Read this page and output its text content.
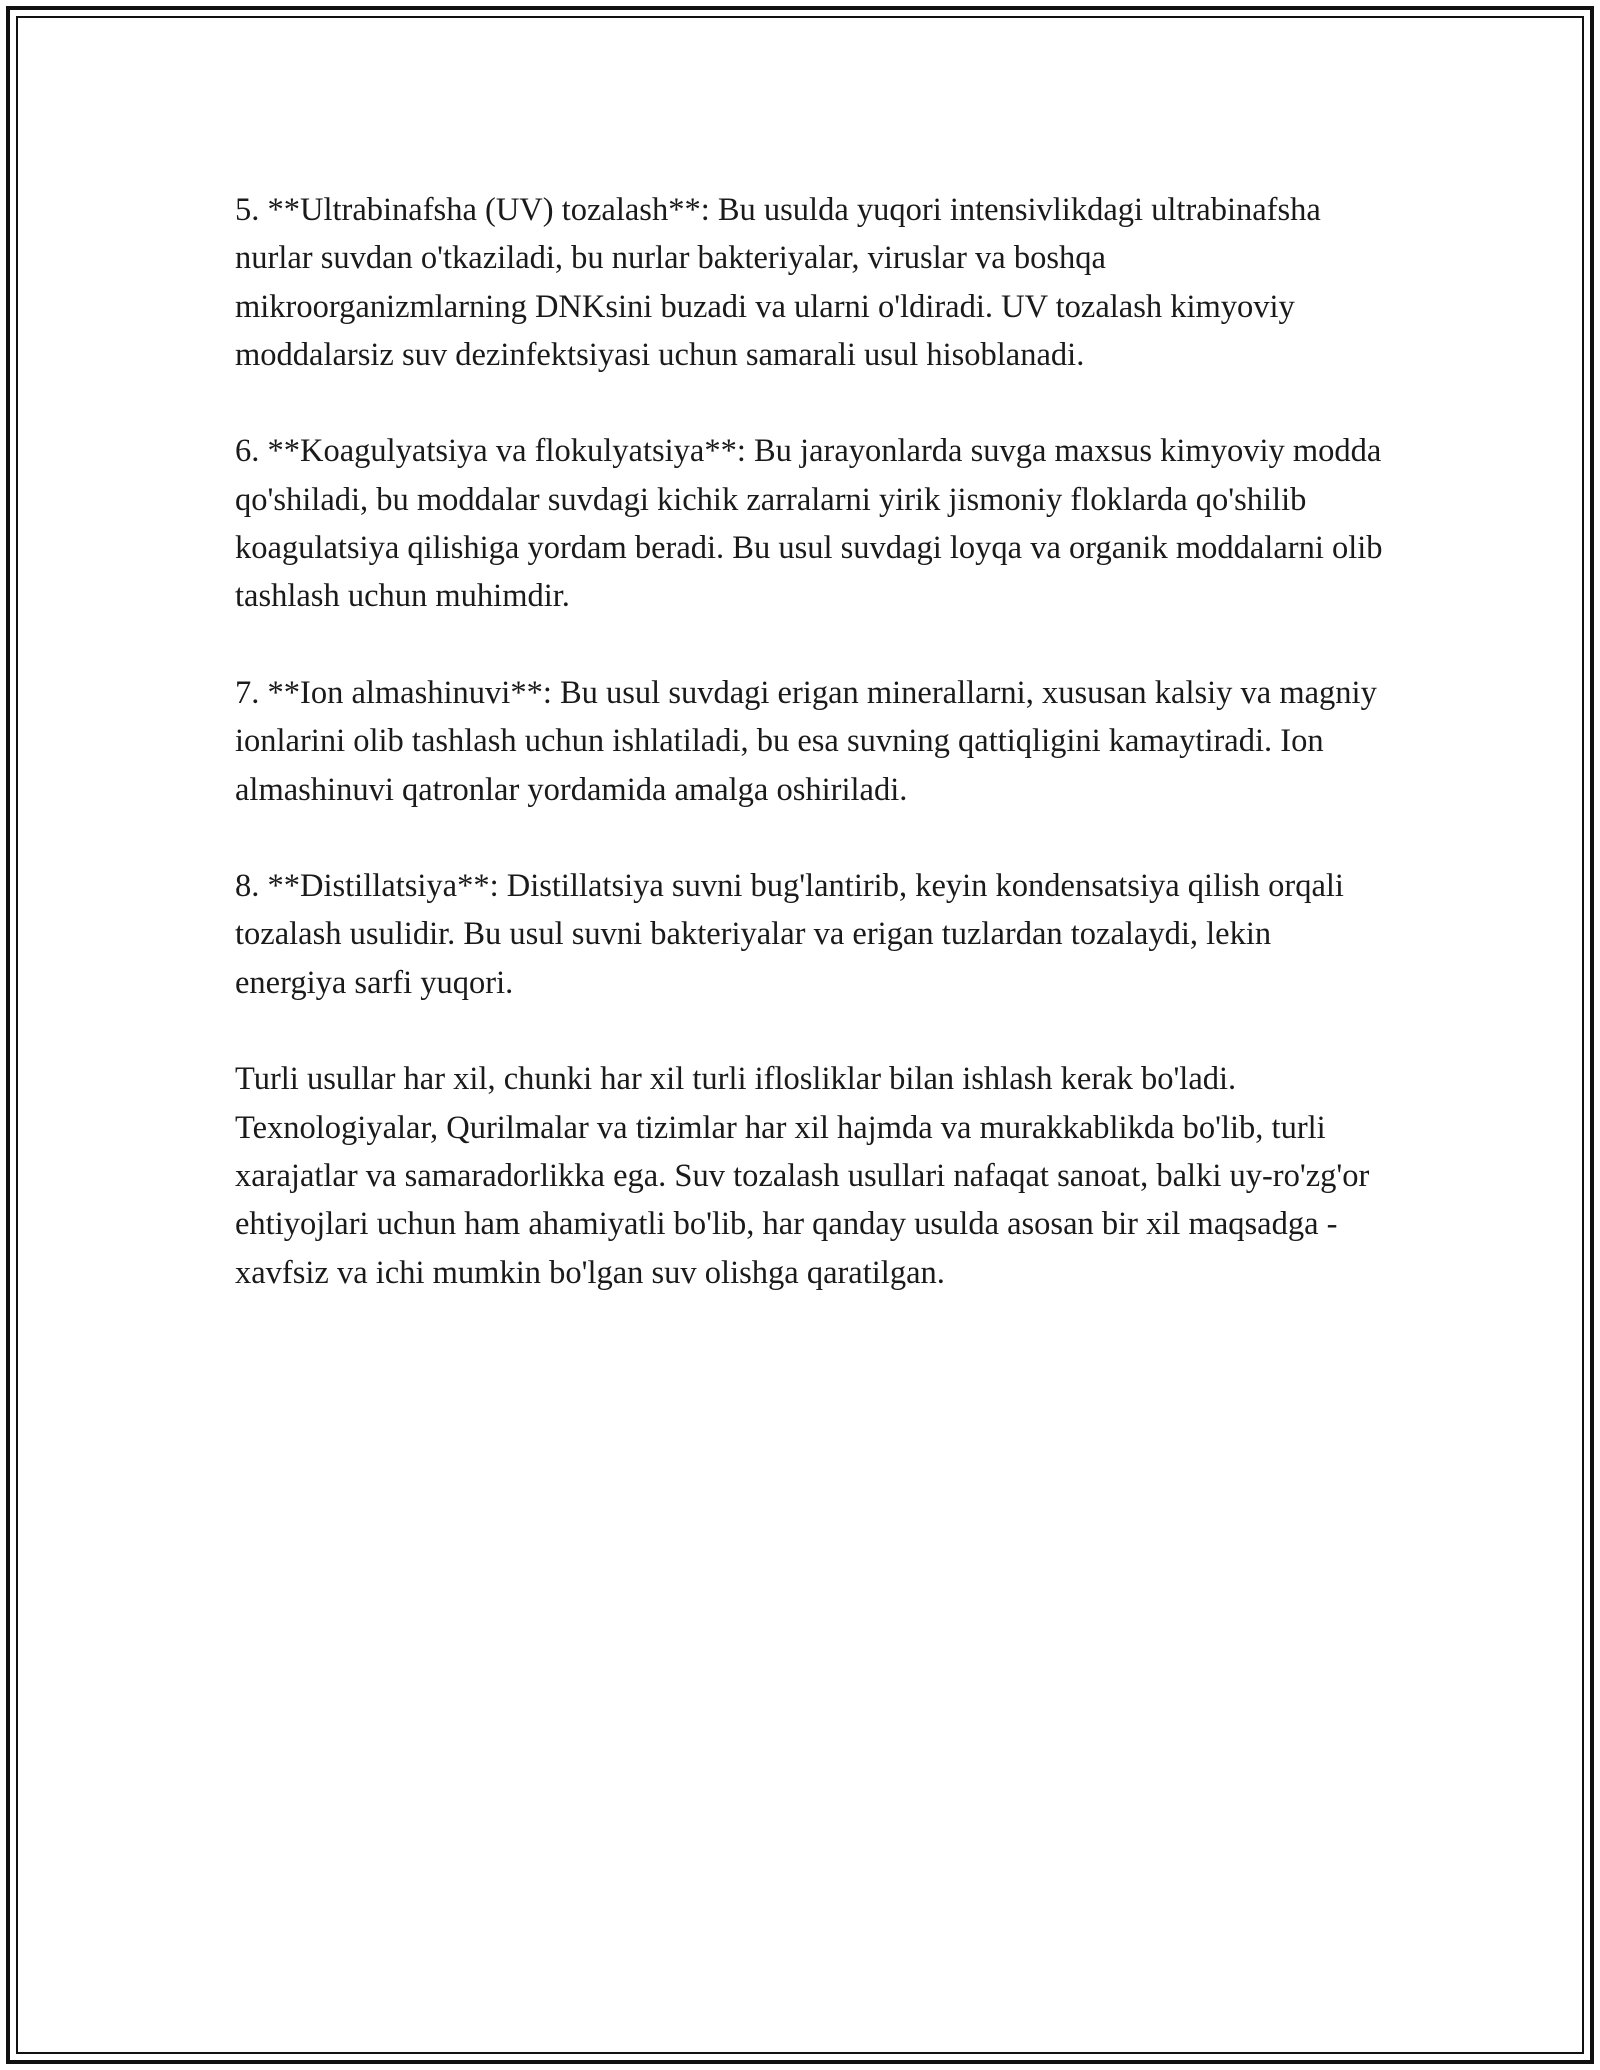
5. **Ultrabinafsha (UV) tozalash**: Bu usulda yuqori intensivlikdagi ultrabinafsha nurlar suvdan o'tkaziladi, bu nurlar bakteriyalar, viruslar va boshqa mikroorganizmlarning DNKsini buzadi va ularni o'ldiradi. UV tozalash kimyoviy moddalarsiz suv dezinfektsiyasi uchun samarali usul hisoblanadi.

6. **Koagulyatsiya va flokulyatsiya**: Bu jarayonlarda suvga maxsus kimyoviy modda qo'shiladi, bu moddalar suvdagi kichik zarralarni yirik jismoniy floklarda qo'shilib koagulatsiya qilishiga yordam beradi. Bu usul suvdagi loyqa va organik moddalarni olib tashlash uchun muhimdir.

7. **Ion almashinuvi**: Bu usul suvdagi erigan minerallarni, xususan kalsiy va magniy ionlarini olib tashlash uchun ishlatiladi, bu esa suvning qattiqligini kamaytiradi. Ion almashinuvi qatronlar yordamida amalga oshiriladi.

8. **Distillatsiya**: Distillatsiya suvni bug'lantirib, keyin kondensatsiya qilish orqali tozalash usulidir. Bu usul suvni bakteriyalar va erigan tuzlardan tozalaydi, lekin energiya sarfi yuqori.

Turli usullar har xil, chunki har xil turli iflosliklar bilan ishlash kerak bo'ladi. Texnologiyalar, Qurilmalar va tizimlar har xil hajmda va murakkablikda bo'lib, turli xarajatlar va samaradorlikka ega. Suv tozalash usullari nafaqat sanoat, balki uy-ro'zg'or ehtiyojlari uchun ham ahamiyatli bo'lib, har qanday usulda asosan bir xil maqsadga - xavfsiz va ichi mumkin bo'lgan suv olishga qaratilgan.
